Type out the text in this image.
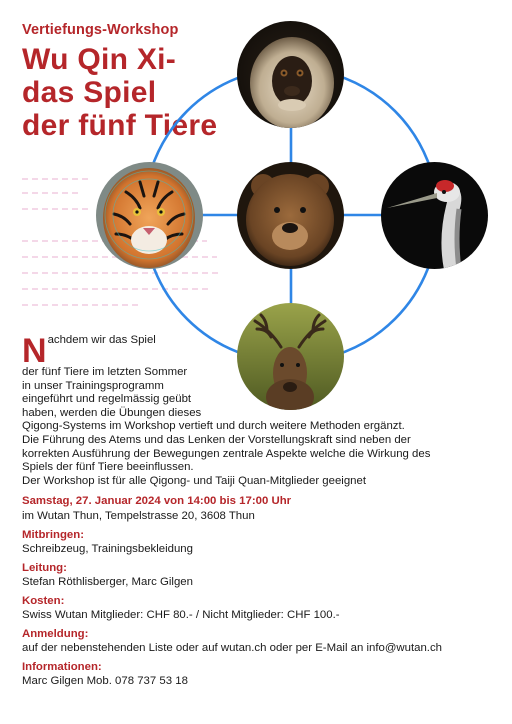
Vertiefungs-Workshop
Wu Qin Xi-
das Spiel
der fünf Tiere
N achdem wir das Spiel
der fünf Tiere im letzten Sommer
in unser Trainingsprogramm
eingeführt und regelmässig geübt
haben, werden die Übungen dieses
Qigong-Systems im Workshop vertieft und durch weitere Methoden ergänzt.
Die Führung des Atems und das Lenken der Vorstellungskraft sind neben der
korrekten Ausführung der Bewegungen zentrale Aspekte welche die Wirkung des
Spiels der fünf Tiere beeinflussen.
Der Workshop ist für alle Qigong- und Taiji Quan-Mitglieder geeignet
Samstag, 27. Januar 2024 von 14:00 bis 17:00 Uhr
im Wutan Thun, Tempelstrasse 20, 3608 Thun
Mitbringen:
Schreibzeug, Trainingsbekleidung
Leitung:
Stefan Röthlisberger, Marc Gilgen
Kosten:
Swiss Wutan Mitglieder: CHF 80.- / Nicht Mitglieder: CHF 100.-
Anmeldung:
auf der nebenstehenden Liste oder auf wutan.ch oder per E-Mail an info@wutan.ch
Informationen:
Marc Gilgen Mob. 078 737 53 18
